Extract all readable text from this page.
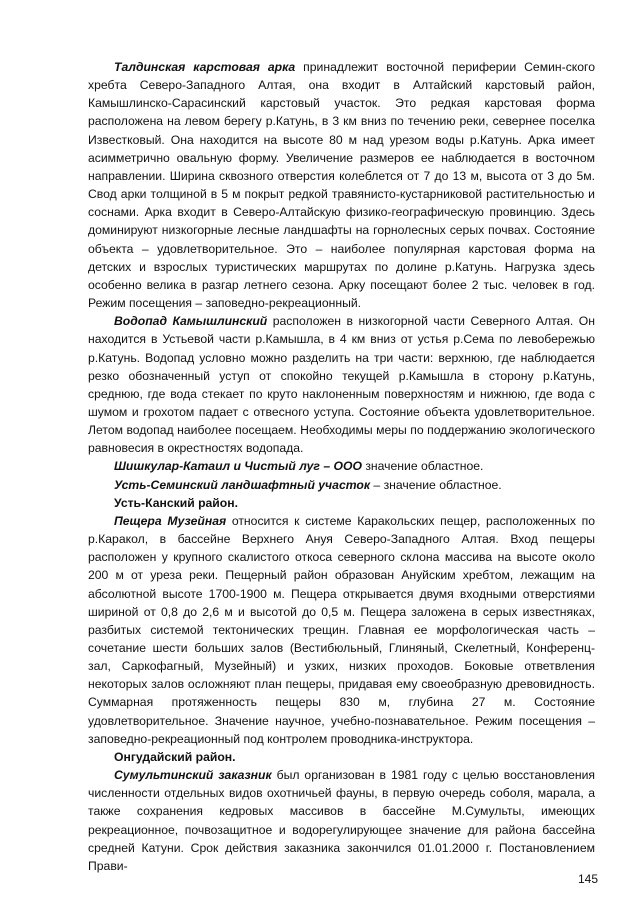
Талдинская карстовая арка принадлежит восточной периферии Семин-ского хребта Северо-Западного Алтая, она входит в Алтайский карстовый район, Камышлинско-Сарасинский карстовый участок. Это редкая карстовая форма расположена на левом берегу р.Катунь, в 3 км вниз по течению реки, севернее поселка Известковый. Она находится на высоте 80 м над урезом воды р.Катунь. Арка имеет асимметрично овальную форму. Увеличение размеров ее наблюдается в восточном направлении. Ширина сквозного отверстия колеблется от 7 до 13 м, высота от 3 до 5м. Свод арки толщиной в 5 м покрыт редкой травянисто-кустарниковой растительностью и соснами. Арка входит в Северо-Алтайскую физико-географическую провинцию. Здесь доминируют низкогорные лесные ландшафты на горнолесных серых почвах. Состояние объекта – удовлетворительное. Это – наиболее популярная карстовая форма на детских и взрослых туристических маршрутах по долине р.Катунь. Нагрузка здесь особенно велика в разгар летнего сезона. Арку посещают более 2 тыс. человек в год. Режим посещения – заповедно-рекреационный.

Водопад Камышлинский расположен в низкогорной части Северного Алтая. Он находится в Устьевой части р.Камышла, в 4 км вниз от устья р.Сема по левобережью р.Катунь. Водопад условно можно разделить на три части: верхнюю, где наблюдается резко обозначенный уступ от спокойно текущей р.Камышла в сторону р.Катунь, среднюю, где вода стекает по круто наклоненным поверхностям и нижнюю, где вода с шумом и грохотом падает с отвесного уступа. Состояние объекта удовлетворительное. Летом водопад наиболее посещаем. Необходимы меры по поддержанию экологического равновесия в окрестностях водопада.

Шишкулар-Катаил и Чистый луг – ООО значение областное.

Усть-Семинский ландшафтный участок – значение областное.

Усть-Канский район.

Пещера Музейная относится к системе Каракольских пещер, расположенных по р.Каракол, в бассейне Верхнего Ануя Северо-Западного Алтая. Вход пещеры расположен у крупного скалистого откоса северного склона массива на высоте около 200 м от уреза реки. Пещерный район образован Ануйским хребтом, лежащим на абсолютной высоте 1700-1900 м. Пещера открывается двумя входными отверстиями шириной от 0,8 до 2,6 м и высотой до 0,5 м. Пещера заложена в серых известняках, разбитых системой тектонических трещин. Главная ее морфологическая часть – сочетание шести больших залов (Вестибюльный, Глиняный, Скелетный, Конференц-зал, Саркофагный, Музейный) и узких, низких проходов. Боковые ответвления некоторых залов осложняют план пещеры, придавая ему своеобразную древовидность. Суммарная протяженность пещеры 830 м, глубина 27 м. Состояние удовлетворительное. Значение научное, учебно-познавательное. Режим посещения – заповедно-рекреационный под контролем проводника-инструктора.

Онгудайский район.

Сумультинский заказник был организован в 1981 году с целью восстановления численности отдельных видов охотничьей фауны, в первую очередь соболя, марала, а также сохранения кедровых массивов в бассейне М.Сумульты, имеющих рекреационное, почвозащитное и водорегулирующее значение для района бассейна средней Катуни. Срок действия заказника закончился 01.01.2000 г. Постановлением Прави-

145
